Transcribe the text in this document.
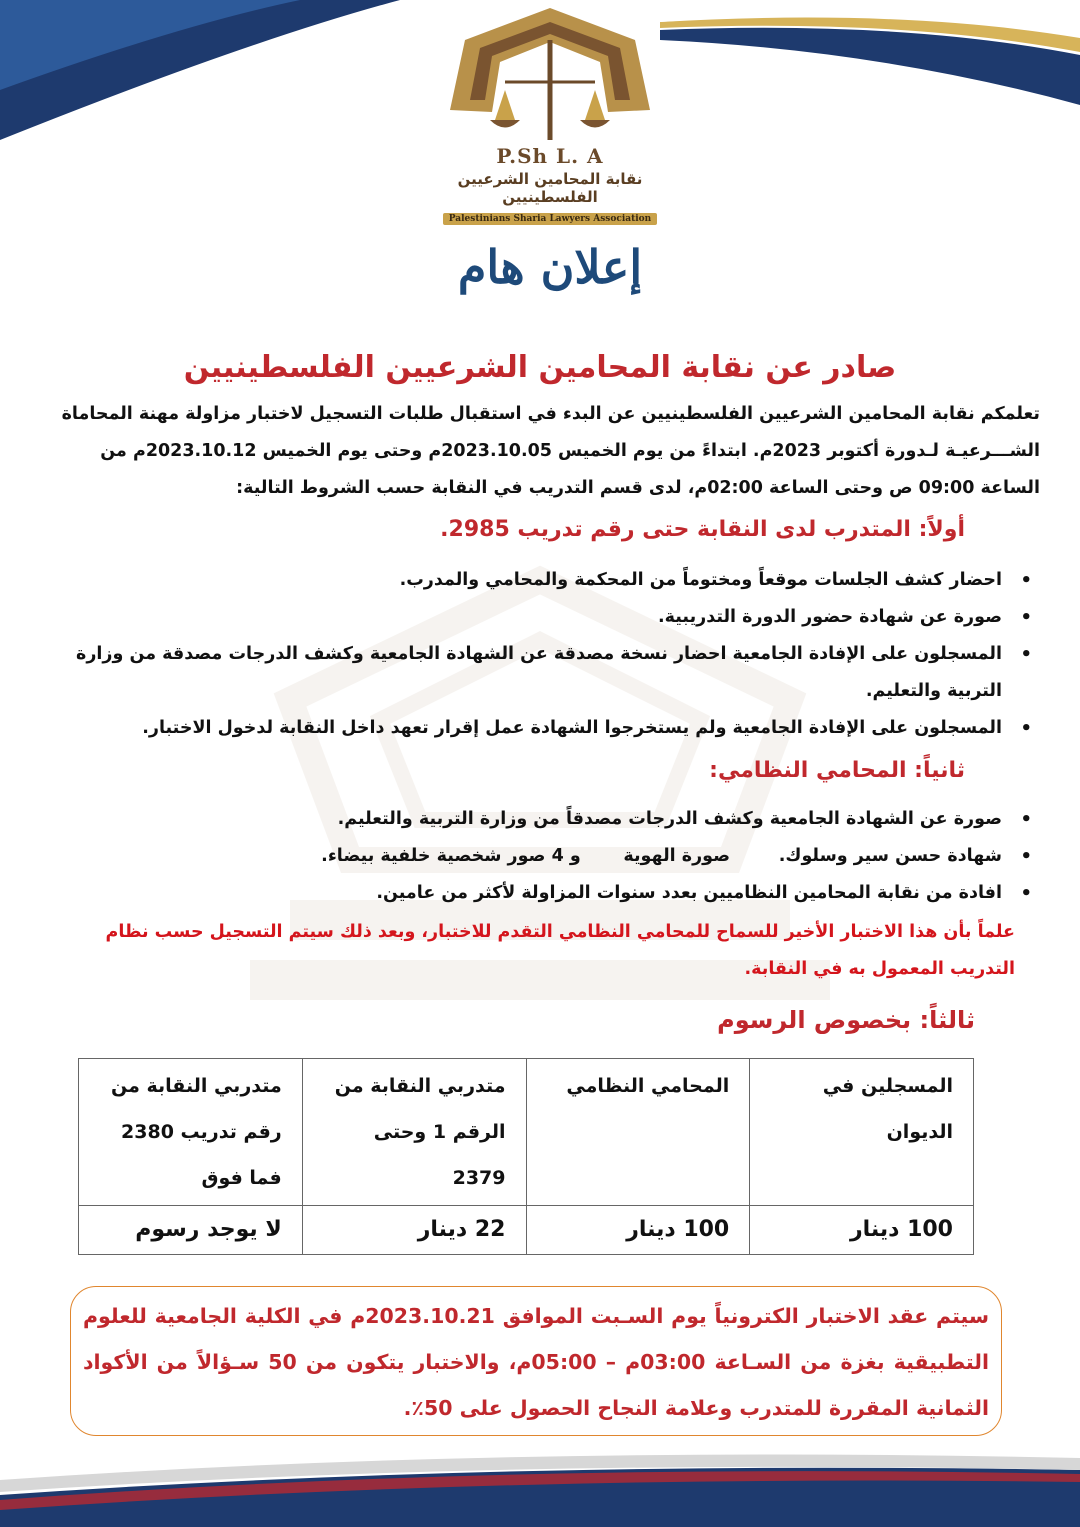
P.Sh L. A
نقابة المحامين الشرعيين الفلسطينيين
Palestinians Sharia Lawyers Association
إعلان هام
صادر عن نقابة المحامين الشرعيين الفلسطينيين

تعلمكم نقابة المحامين الشرعيين الفلسطينيين عن البدء في استقبال طلبات التسجيل لاختبار مزاولة مهنة المحاماة

الشـــرعيـة لـدورة أكتوبر 2023م. ابتداءً من يوم الخميس 2023.10.05م وحتى يوم الخميس 2023.10.12م من

الساعة 09:00 ص وحتى الساعة 02:00م، لدى قسم التدريب في النقابة حسب الشروط التالية:

أولاً: المتدرب لدى النقابة حتى رقم تدريب 2985.
• احضار كشف الجلسات موقعاً ومختوماً من المحكمة والمحامي والمدرب.
• صورة عن شهادة حضور الدورة التدريبية.
• المسجلون على الإفادة الجامعية احضار نسخة مصدقة عن الشهادة الجامعية وكشف الدرجات مصدقة من وزارة التربية والتعليم.
• المسجلون على الإفادة الجامعية ولم يستخرجوا الشهادة عمل إقرار تعهد داخل النقابة لدخول الاختبار.
ثانياً: المحامي النظامي:
• صورة عن الشهادة الجامعية وكشف الدرجات مصدقاً من وزارة التربية والتعليم.
• شهادة حسن سير وسلوك.        صورة الهوية       و 4 صور شخصية خلفية بيضاء.
• افادة من نقابة المحامين النظاميين بعدد سنوات المزاولة لأكثر من عامين.

علماً بأن هذا الاختبار الأخير للسماح للمحامي النظامي التقدم للاختبار، وبعد ذلك سيتم التسجيل حسب نظام التدريب المعمول به في النقابة.

ثالثاً: بخصوص الرسوم
المسجلين في الديوان	المحامي النظامي	متدربي النقابة من الرقم 1 وحتى 2379	متدربي النقابة من رقم تدريب 2380 فما فوق
100 دينار	100 دينار	22 دينار	لا يوجد رسوم

سيتم عقد الاختبار الكترونياً يوم السـبت الموافق 2023.10.21م في الكلية الجامعية للعلوم التطبيقية بغزة من السـاعة 03:00م – 05:00م، والاختبار يتكون من 50 سـؤالاً من الأكواد الثمانية المقررة للمتدرب وعلامة النجاح الحصول على 50٪.
